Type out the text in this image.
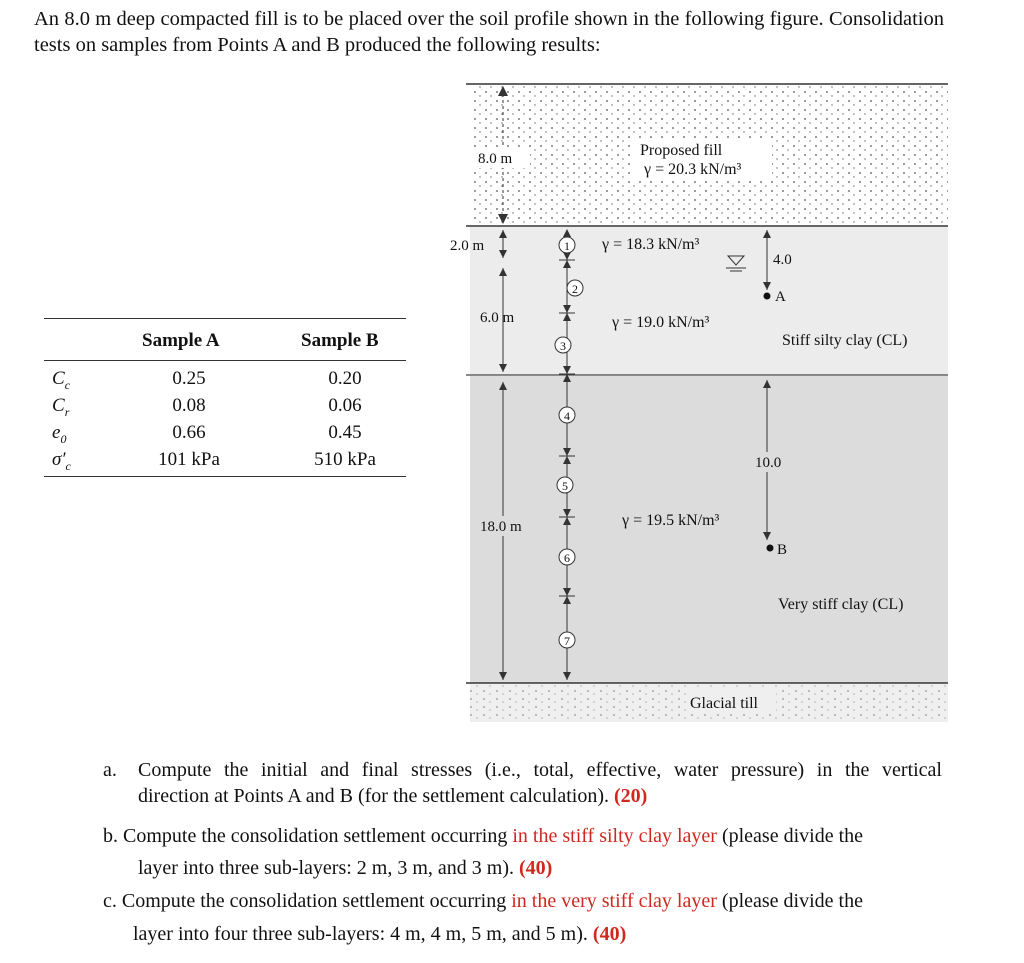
An 8.0 m deep compacted fill is to be placed over the soil profile shown in the following figure. Consolidation tests on samples from Points A and B produced the following results:
Sample A	Sample B
$C_c$	0.25	0.20
$C_r$	0.08	0.06
$e_0$	0.66	0.45
$\sigma'_c$	101 kPa	510 kPa
8.0 m	Proposed fill
γ = 20.3 kN/m³
2.0 m
6.0 m
18.0 m
1
2
3
4
5
6
7
γ = 18.3 kN/m³
γ = 19.0 kN/m³
Stiff silty clay (CL)
γ = 19.5 kN/m³
Very stiff clay (CL)
Glacial till
4.0
A
10.0
B
a. Compute the initial and final stresses (i.e., total, effective, water pressure) in the vertical
direction at Points A and B (for the settlement calculation). (20)
b. Compute the consolidation settlement occurring in the stiff silty clay layer (please divide the
layer into three sub-layers: 2 m, 3 m, and 3 m). (40)
c. Compute the consolidation settlement occurring in the very stiff clay layer (please divide the
layer into four three sub-layers: 4 m, 4 m, 5 m, and 5 m). (40)
